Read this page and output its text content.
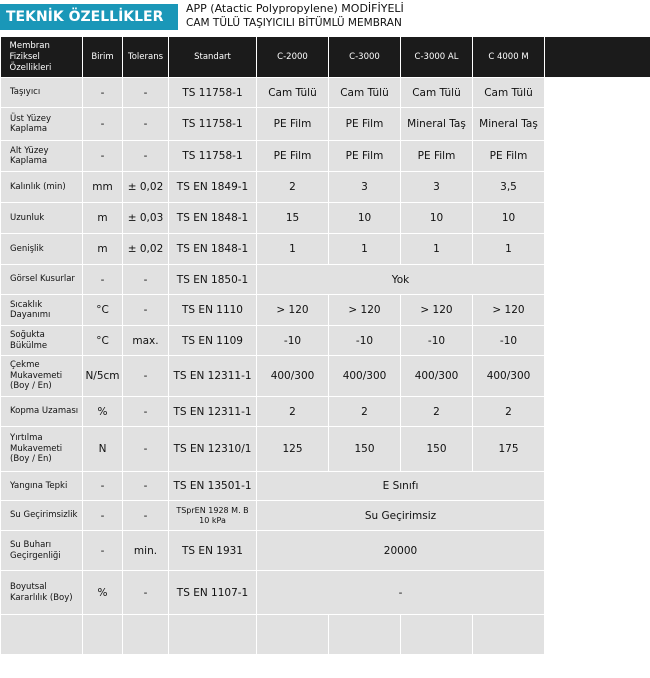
TEKNİK ÖZELLİKLER
APP (Atactic Polypropylene) MODİFİYELİ
CAM TÜLÜ TAŞIYICILI BİTÜMLÜ MEMBRAN
Membran Fiziksel Özellikleri	Birim	Tolerans	Standart	C-2000	C-3000	C-3000 AL	C 4000 M	
Taşıyıcı	-	-	TS 11758-1	Cam Tülü	Cam Tülü	Cam Tülü	Cam Tülü	
Üst Yüzey Kaplama	-	-	TS 11758-1	PE Film	PE Film	Mineral Taş	Mineral Taş	
Alt Yüzey Kaplama	-	-	TS 11758-1	PE Film	PE Film	PE Film	PE Film	
Kalınlık (min)	mm	± 0,02	TS EN 1849-1	2	3	3	3,5	
Uzunluk	m	± 0,03	TS EN 1848-1	15	10	10	10	
Genişlik	m	± 0,02	TS EN 1848-1	1	1	1	1	
Görsel Kusurlar	-	-	TS EN 1850-1	Yok				
Sıcaklık Dayanımı	°C	-	TS EN 1110	> 120	> 120	> 120	> 120	
Soğukta Bükülme	°C	max.	TS EN 1109	-10	-10	-10	-10	
Çekme Mukavemeti (Boy / En)	N/5cm	-	TS EN 12311-1	400/300	400/300	400/300	400/300	
Kopma Uzaması	%	-	TS EN 12311-1	2	2	2	2	
Yırtılma Mukavemeti (Boy / En)	N	-	TS EN 12310/1	125	150	150	175	
Yangına Tepki	-	-	TS EN 13501-1	E Sınıfı				
Su Geçirimsizlik	-	-	TSprEN 1928 M. B 10 kPa	Su Geçirimsiz				
Su Buharı Geçirgenliği	-	min.	TS EN 1931	20000				
Boyutsal Kararlılık (Boy)	%	-	TS EN 1107-1	-				
